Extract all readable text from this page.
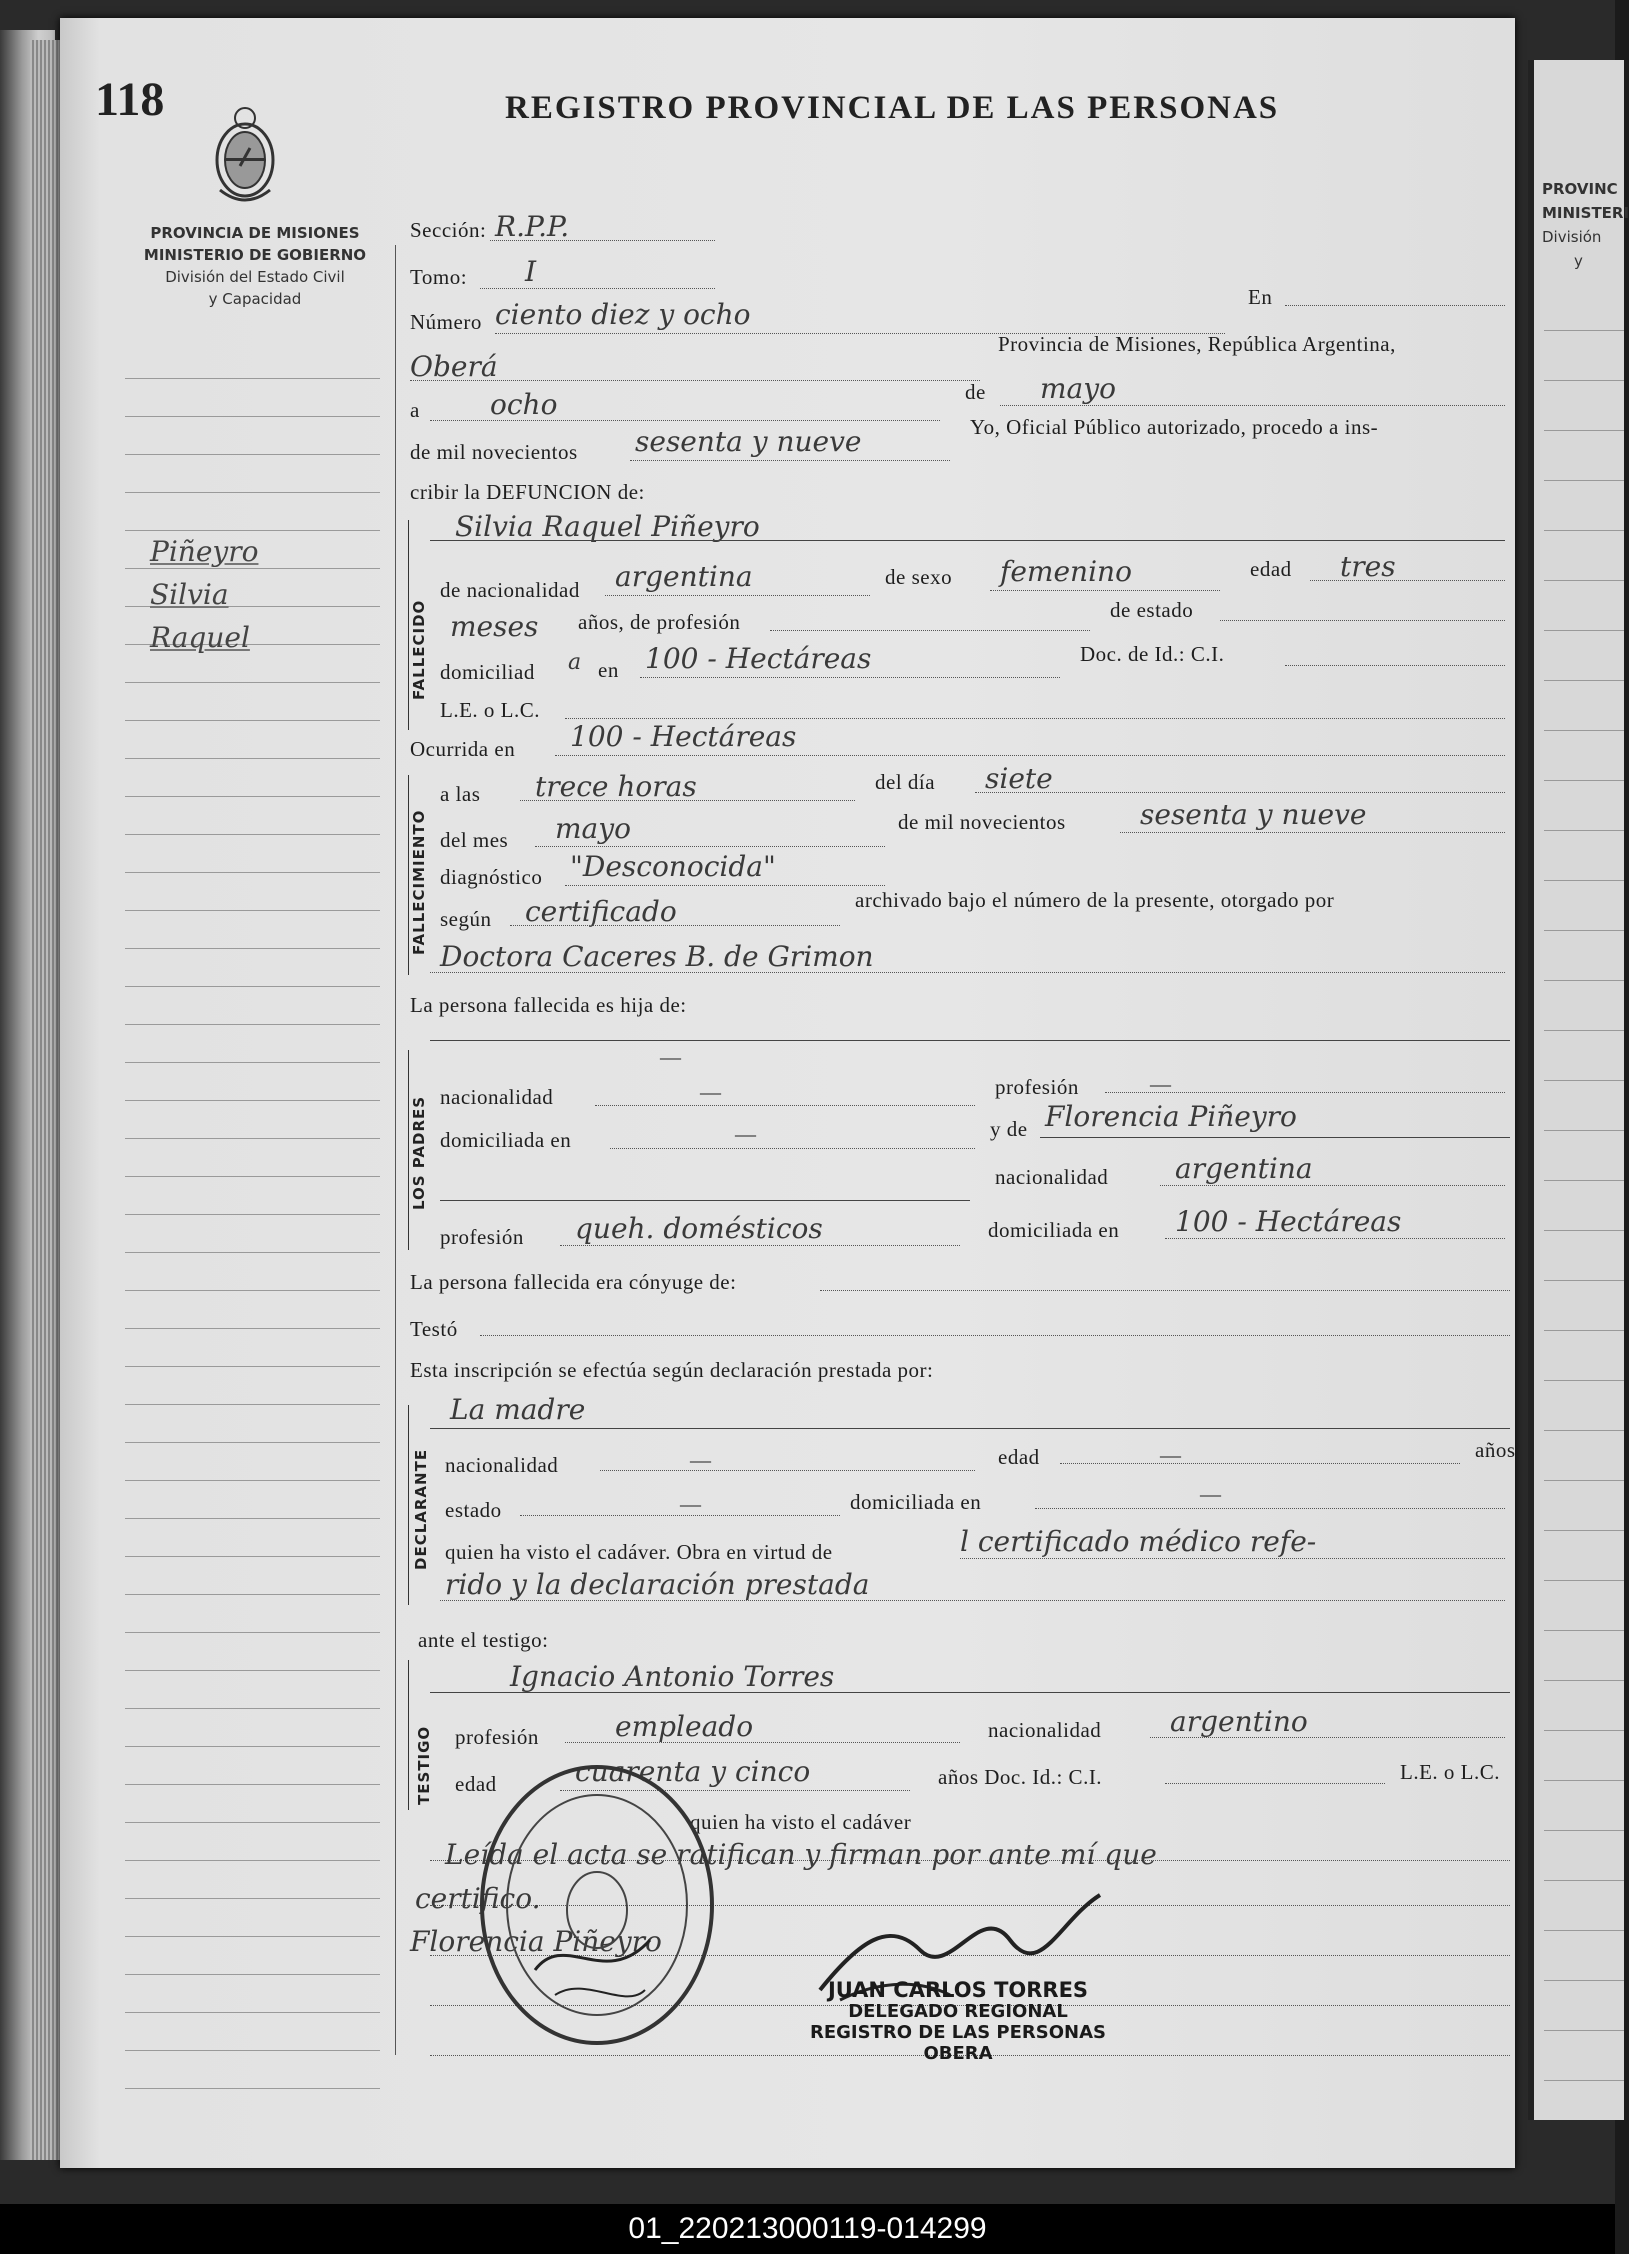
PROVINC
MINISTERI
División
y
118	REGISTRO PROVINCIAL DE LAS PERSONAS
PROVINCIA DE MISIONES
MINISTERIO DE GOBIERNO
División del Estado Civil
y Capacidad
Piñeyro
Silvia
Raquel
Sección: R.P.P.
Tomo: I
Número ciento diez y ocho
En
Oberá
Provincia de Misiones, República Argentina,
a	ocho	de mayo
de mil novecientos sesenta y nueve	Yo, Oficial Público autorizado, procedo a ins-
cribir la DEFUNCION de:
FALLECIDO
Silvia Raquel Piñeyro
de nacionalidad argentina	de sexo femenino	edad tres
meses años, de profesión	de estado
domiciliad a en 100 - Hectáreas	Doc. de Id.: C.I.
L.E. o L.C.
Ocurrida en 100 - Hectáreas
FALLECIMIENTO
a las trece horas	del día siete
del mes mayo	de mil novecientos	sesenta y nueve
diagnóstico "Desconocida"
según certificado	archivado bajo el número de la presente, otorgado por
Doctora Caceres B. de Grimon
La persona fallecida es hija de:
LOS PADRES
—
nacionalidad	—	profesión	—
domiciliada en	—	y de Florencia Piñeyro
nacionalidad argentina
profesión queh. domésticos	domiciliada en 100 - Hectáreas
La persona fallecida era cónyuge de:
Testó
Esta inscripción se efectúa según declaración prestada por:
DECLARANTE
La madre
nacionalidad	—	edad	—	años
estado	—	domiciliada en	—
quien ha visto el cadáver. Obra en virtud de	l certificado médico refe-
rido y la declaración prestada
ante el testigo:
TESTIGO
Ignacio Antonio Torres
profesión	empleado	nacionalidad argentino
edad	cuarenta y cinco	años Doc. Id.: C.I.	L.E. o L.C.
quien ha visto el cadáver
Leída el acta se ratifican y firman por ante mí que
certifico.
Florencia Piñeyro
JUAN CARLOS TORRES
DELEGADO REGIONAL
REGISTRO DE LAS PERSONAS
OBERA
01_220213000119-014299
